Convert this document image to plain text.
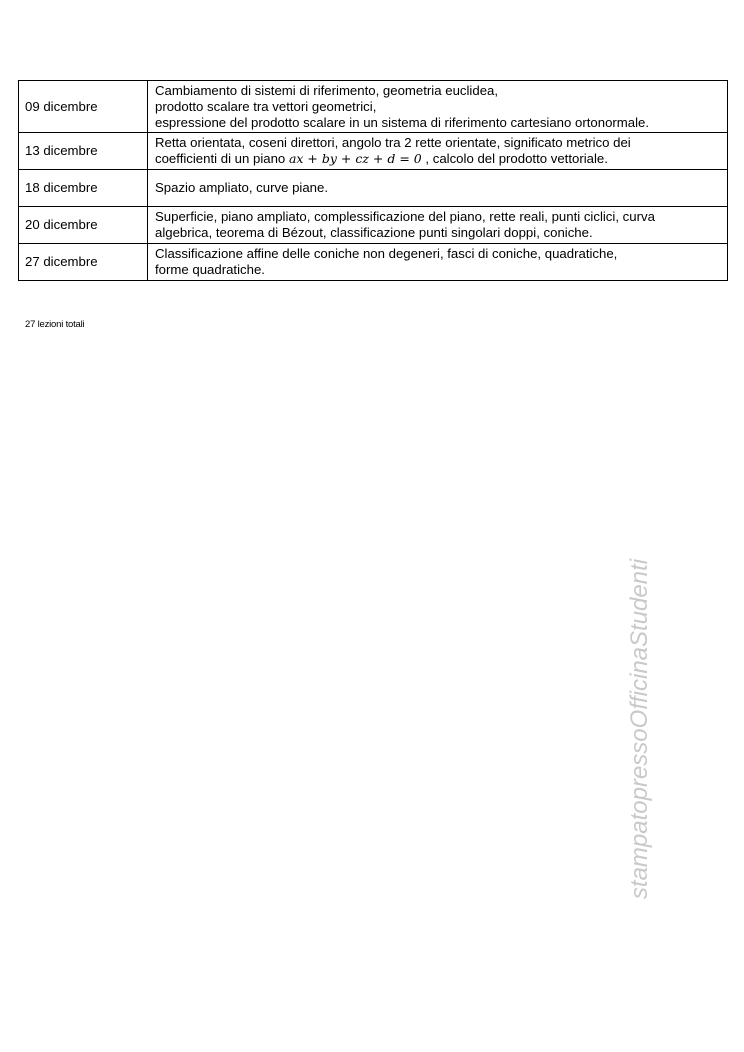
09 dicembre	Cambiamento di sistemi di riferimento, geometria euclidea,
prodotto scalare tra vettori geometrici,
espressione del prodotto scalare in un sistema di riferimento cartesiano ortonormale.

13 dicembre	Retta orientata, coseni direttori, angolo tra 2 rette orientate, significato metrico dei
coefficienti di un piano ax + by + cz + d = 0 , calcolo del prodotto vettoriale.

18 dicembre	Spazio ampliato, curve piane.

20 dicembre	Superficie, piano ampliato, complessificazione del piano, rette reali, punti ciclici, curva
algebrica, teorema di Bézout, classificazione punti singolari doppi, coniche.

27 dicembre	Classificazione affine delle coniche non degeneri, fasci di coniche, quadratiche,
forme quadratiche.
27 lezioni totali
stampatopressoOfficinaStudenti
